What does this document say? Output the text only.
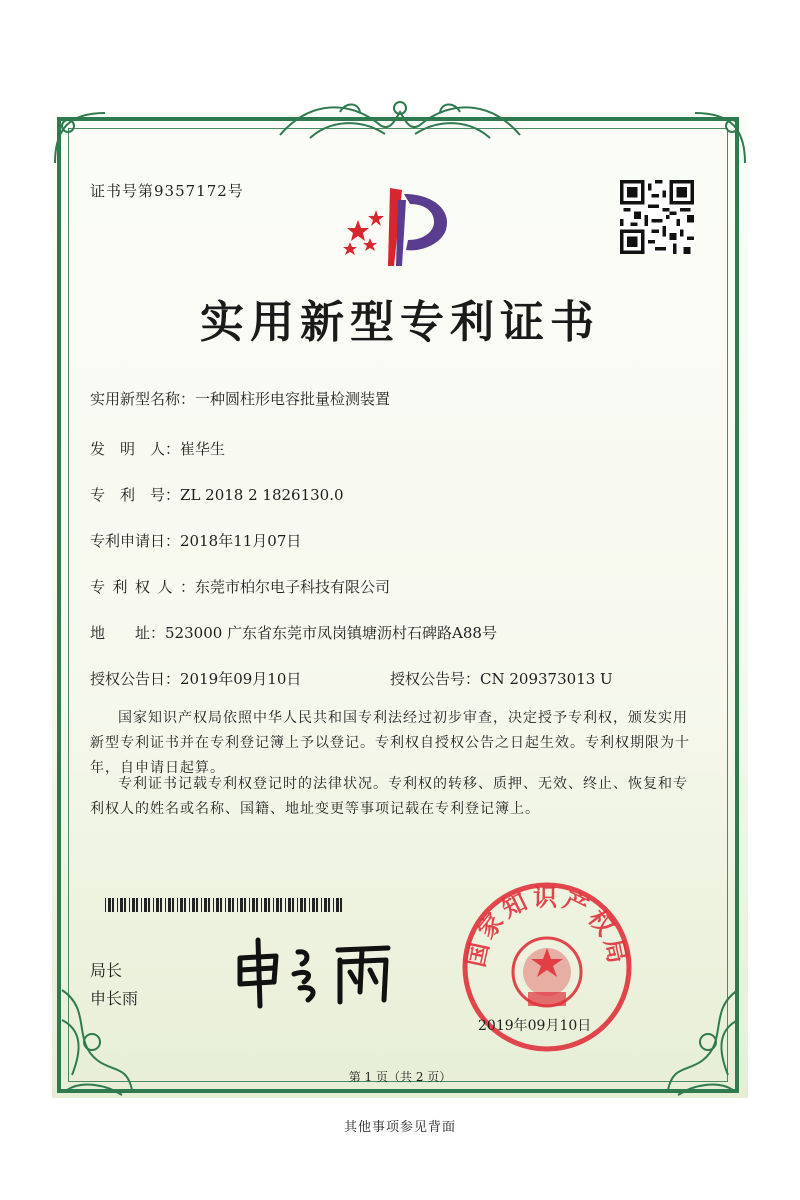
证书号第9357172号
实用新型专利证书
实用新型名称：一种圆柱形电容批量检测装置
发　明　人：崔华生
专　利　号：ZL 2018 2 1826130.0
专利申请日：2018年11月07日
专利权人：东莞市柏尔电子科技有限公司
地　　址：523000 广东省东莞市凤岗镇塘沥村石碑路A88号
授权公告日：2019年09月10日	授权公告号：CN 209373013 U
国家知识产权局依照中华人民共和国专利法经过初步审查，决定授予专利权，颁发实用新型专利证书并在专利登记簿上予以登记。专利权自授权公告之日起生效。专利权期限为十年，自申请日起算。
专利证书记载专利权登记时的法律状况。专利权的转移、质押、无效、终止、恢复和专利权人的姓名或名称、国籍、地址变更等事项记载在专利登记簿上。
局长
申长雨
国家知识产权局
2019年09月10日
第 1 页（共 2 页）
其他事项参见背面
